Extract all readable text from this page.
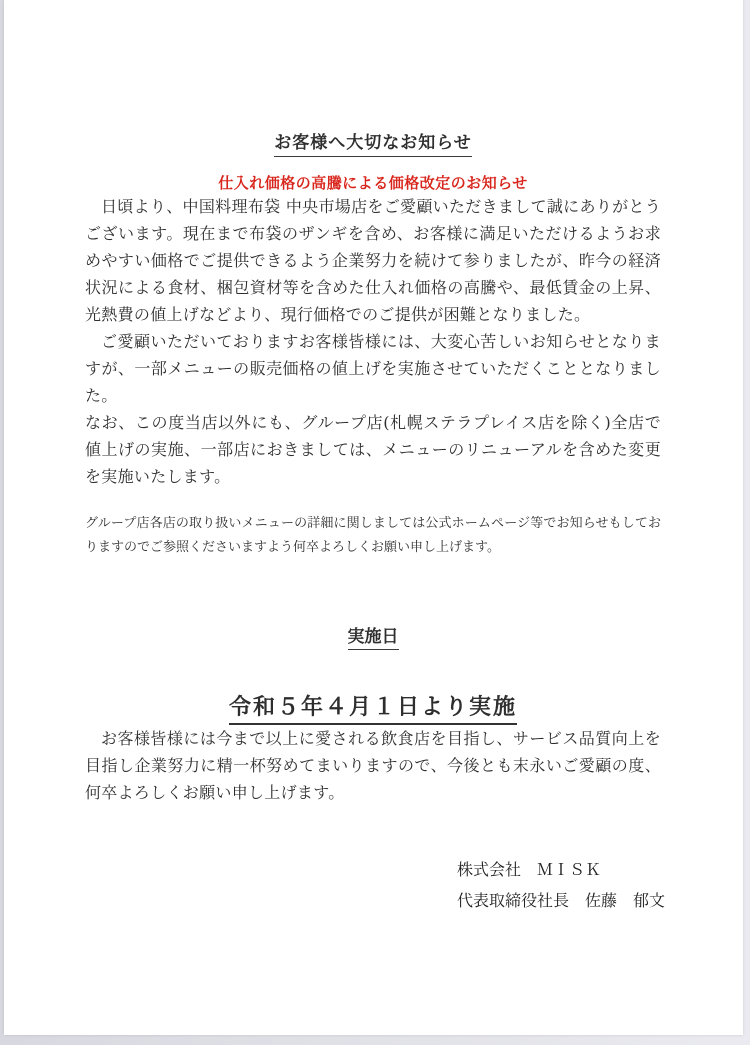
お客様へ大切なお知らせ
仕入れ価格の高騰による価格改定のお知らせ

日頃より、中国料理布袋 中央市場店をご愛顧いただきまして誠にありがとうございます。現在まで布袋のザンギを含め、お客様に満足いただけるようお求めやすい価格でご提供できるよう企業努力を続けて参りましたが、昨今の経済状況による食材、梱包資材等を含めた仕入れ価格の高騰や、最低賃金の上昇、光熱費の値上げなどより、現行価格でのご提供が困難となりました。

ご愛顧いただいておりますお客様皆様には、大変心苦しいお知らせとなりますが、一部メニューの販売価格の値上げを実施させていただくこととなりました。

なお、この度当店以外にも、グループ店(札幌ステラプレイス店を除く)全店で値上げの実施、一部店におきましては、メニューのリニューアルを含めた変更を実施いたします。

グループ店各店の取り扱いメニューの詳細に関しましては公式ホームページ等でお知らせもしておりますのでご参照くださいますよう何卒よろしくお願い申し上げます。

実施日
令和５年４月１日より実施

お客様皆様には今まで以上に愛される飲食店を目指し、サービス品質向上を目指し企業努力に精一杯努めてまいりますので、今後とも末永いご愛顧の度、何卒よろしくお願い申し上げます。

株式会社　ＭＩＳＫ
代表取締役社長　佐藤　郁文
